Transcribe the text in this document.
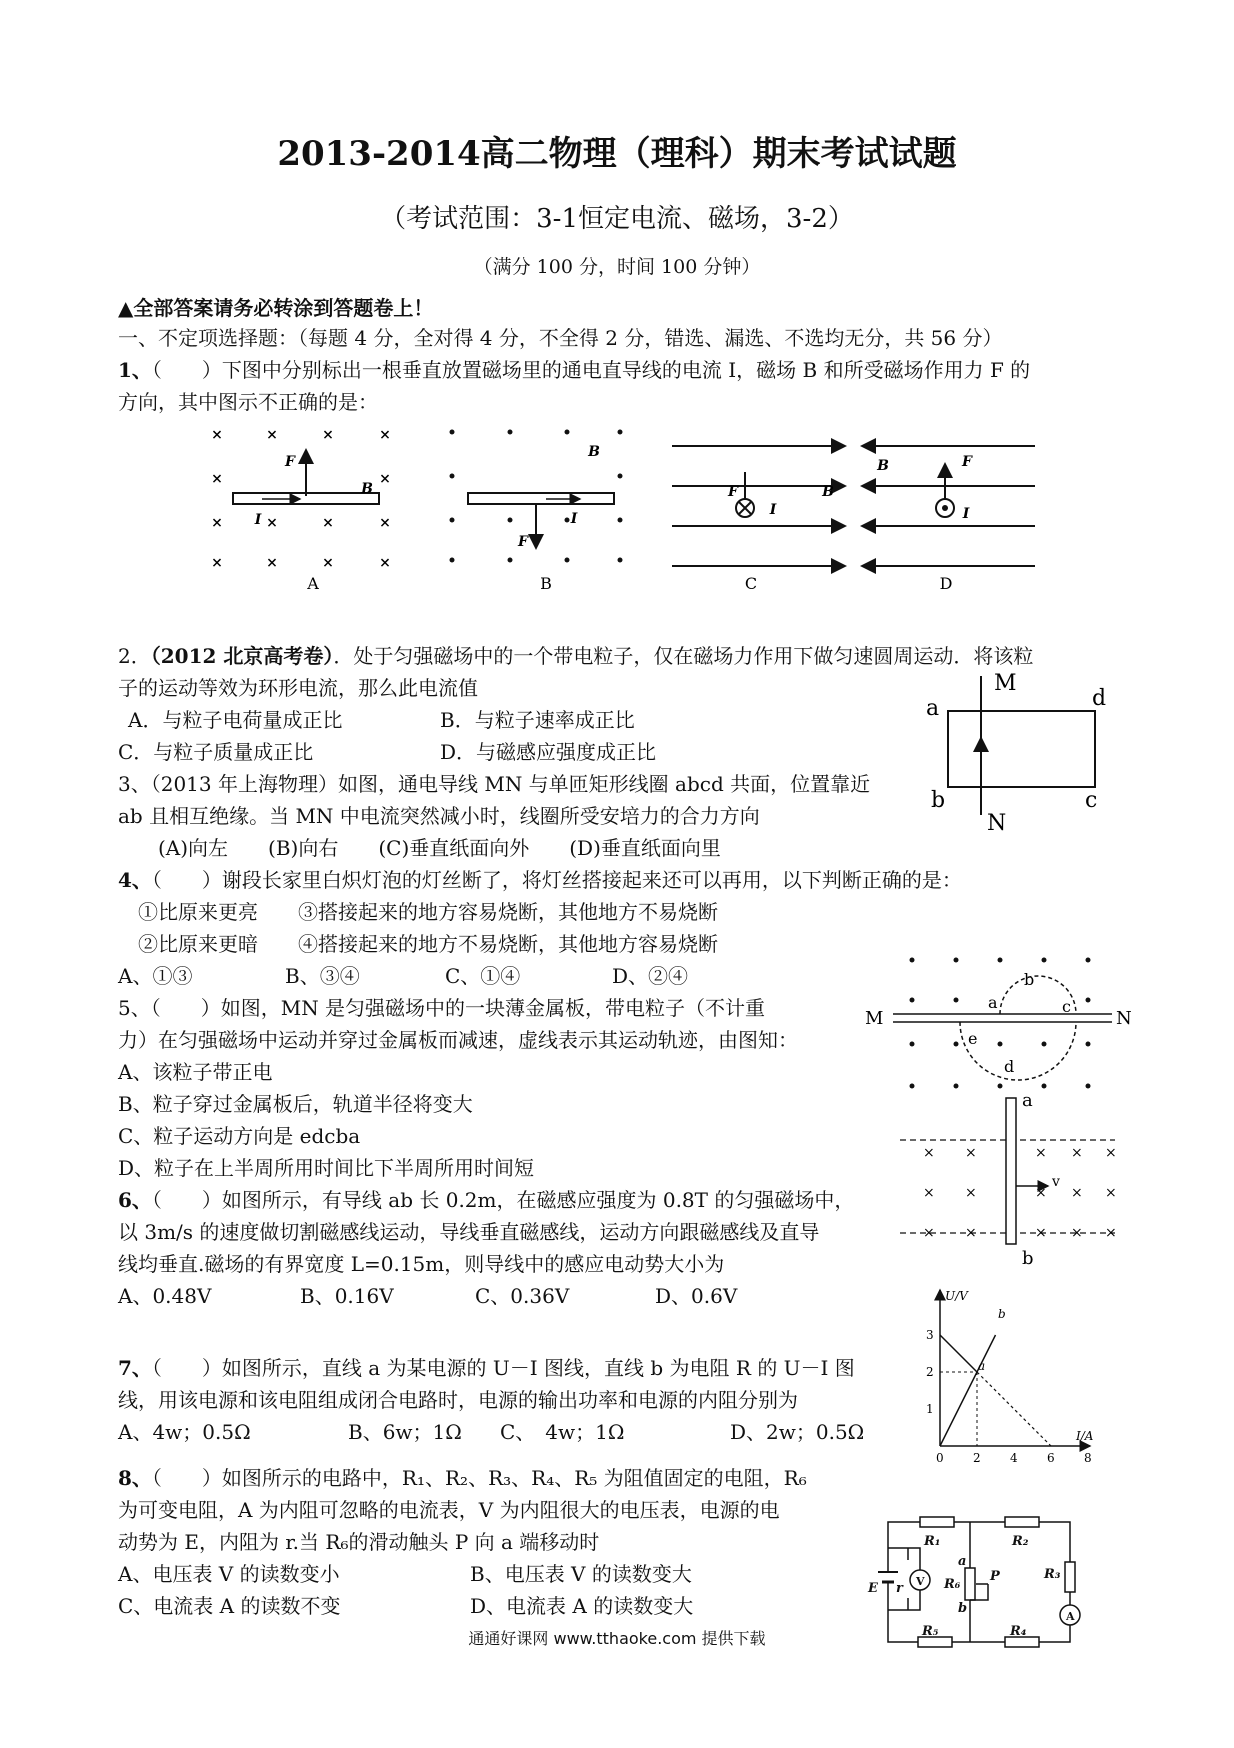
2013-2014高二物理（理科）期末考试试题
（考试范围：3-1恒定电流、磁场，3-2）
（满分 100 分，时间 100 分钟）
▲全部答案请务必转涂到答题卷上！
一、不定项选择题：（每题 4 分，全对得 4 分，不全得 2 分，错选、漏选、不选均无分，共 56 分）
1、（　　）下图中分别标出一根垂直放置磁场里的通电直导线的电流 I，磁场 B 和所受磁场作用力 F 的
方向，其中图示不正确的是：
×	×	×	×
×	×
×	×	×	×
×	×	×	×
F
B
I
A
F
B
I
B
F	B
I
C
B	F
I
D
M
N
a	d
b	c
M	N
a
b
c
d
e
× ×	× × ×
× ×	× × ×
× ×	× × ×
v
a
b
U/V
I/A
1
2
3
0 2 4 6 8
a
b
R₁	R₂
R₃
R₄
R₅
R₆
P
a
b
E r V
A
2．（2012 北京高考卷）．处于匀强磁场中的一个带电粒子，仅在磁场力作用下做匀速圆周运动．将该粒
子的运动等效为环形电流，那么此电流值
A．与粒子电荷量成正比	B．与粒子速率成正比
C．与粒子质量成正比	D．与磁感应强度成正比
3、（2013 年上海物理）如图，通电导线 MN 与单匝矩形线圈 abcd 共面，位置靠近
ab 且相互绝缘。当 MN 中电流突然减小时，线圈所受安培力的合力方向
(A)向左　　(B)向右　　(C)垂直纸面向外　　(D)垂直纸面向里
4、（　　）谢段长家里白炽灯泡的灯丝断了，将灯丝搭接起来还可以再用，以下判断正确的是：
①比原来更亮　　③搭接起来的地方容易烧断，其他地方不易烧断
②比原来更暗　　④搭接起来的地方不易烧断，其他地方容易烧断
A、①③	B、③④	C、①④	D、②④
5、（　　）如图，MN 是匀强磁场中的一块薄金属板，带电粒子（不计重
力）在匀强磁场中运动并穿过金属板而减速，虚线表示其运动轨迹，由图知：
A、该粒子带正电
B、粒子穿过金属板后，轨道半径将变大
C、粒子运动方向是 edcba
D、粒子在上半周所用时间比下半周所用时间短
6、（　　）如图所示，有导线 ab 长 0.2m，在磁感应强度为 0.8T 的匀强磁场中，
以 3m/s 的速度做切割磁感线运动，导线垂直磁感线，运动方向跟磁感线及直导
线均垂直.磁场的有界宽度 L=0.15m，则导线中的感应电动势大小为
A、0.48V	B、0.16V	C、0.36V	D、0.6V
7、（　　）如图所示，直线 a 为某电源的 U－I 图线，直线 b 为电阻 R 的 U－I 图
线，用该电源和该电阻组成闭合电路时，电源的输出功率和电源的内阻分别为
A、4w；0.5Ω	B、6w；1Ω C、　4w；1Ω	D、2w；0.5Ω
8、（　　）如图所示的电路中，R₁、R₂、R₃、R₄、R₅ 为阻值固定的电阻，R₆
为可变电阻，A 为内阻可忽略的电流表，V 为内阻很大的电压表，电源的电
动势为 E，内阻为 r.当 R₆的滑动触头 P 向 a 端移动时
A、电压表 V 的读数变小	B、电压表 V 的读数变大
C、电流表 A 的读数不变	D、电流表 A 的读数变大
通通好课网 www.tthaoke.com 提供下载
